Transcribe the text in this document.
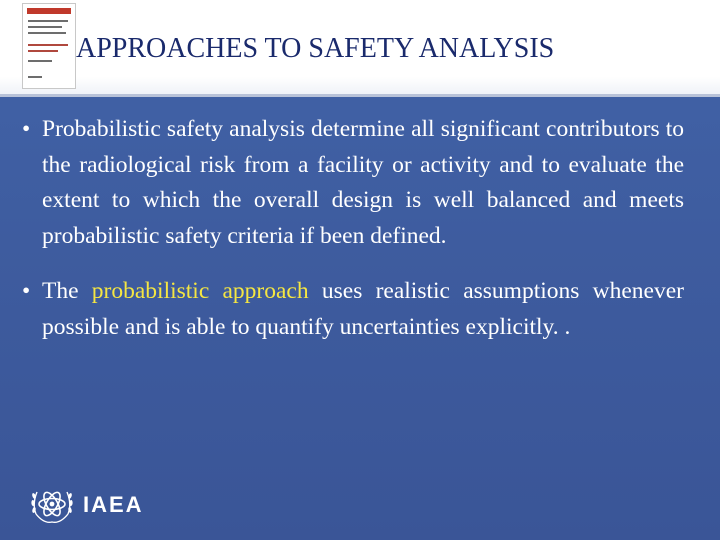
APPROACHES TO SAFETY ANALYSIS
• Probabilistic safety analysis determine all significant contributors to the radiological risk from a facility or activity and to evaluate the extent to which the overall design is well balanced and meets probabilistic safety criteria if been defined.
• The probabilistic approach uses realistic assumptions whenever possible and is able to quantify uncertainties explicitly. .
IAEA
